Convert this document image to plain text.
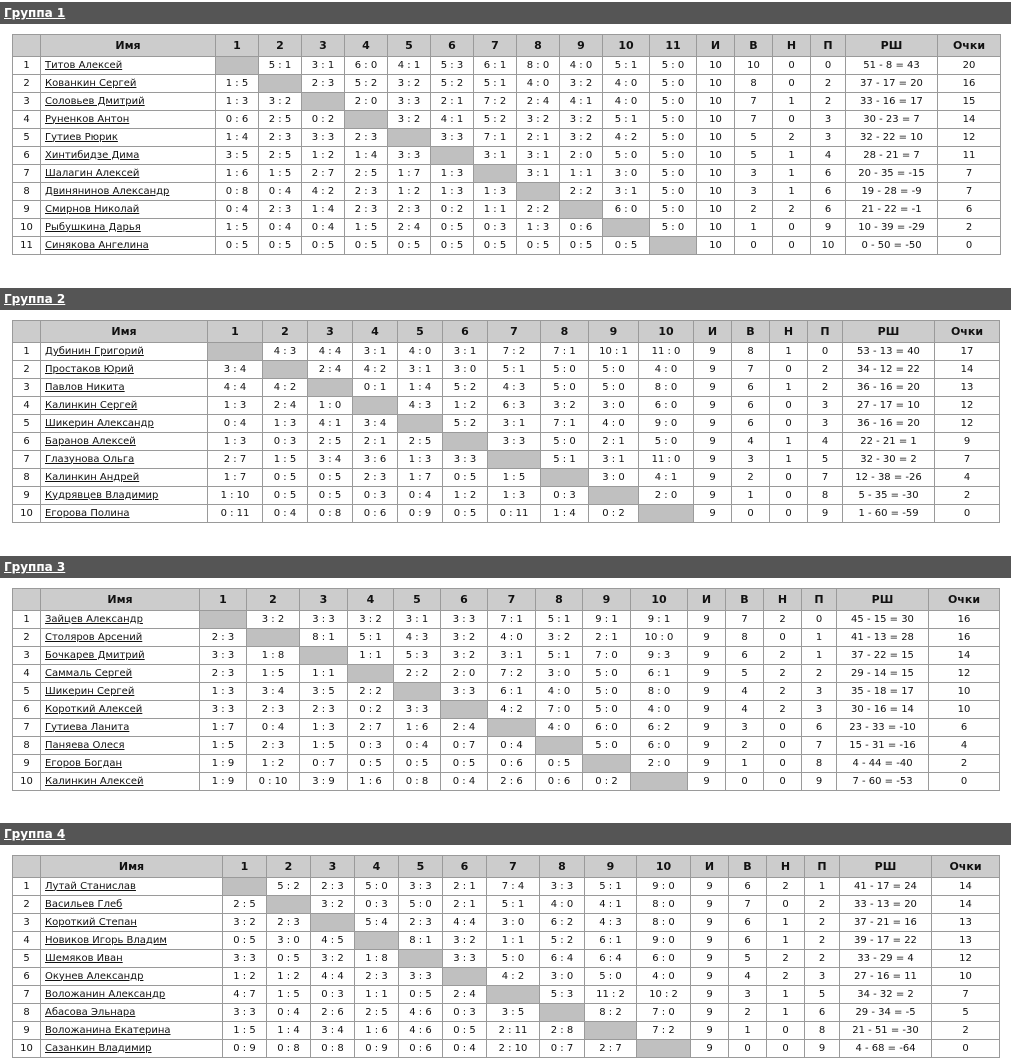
Группа 1
	Имя	1	2	3	4	5	6	7	8	9	10	11	И	В	Н	П	РШ	Очки
1	Титов Алексей		5 : 1	3 : 1	6 : 0	4 : 1	5 : 3	6 : 1	8 : 0	4 : 0	5 : 1	5 : 0	10	10	0	0	51 - 8 = 43	20
2	Кованкин Сергей	1 : 5		2 : 3	5 : 2	3 : 2	5 : 2	5 : 1	4 : 0	3 : 2	4 : 0	5 : 0	10	8	0	2	37 - 17 = 20	16
3	Соловьев Дмитрий	1 : 3	3 : 2		2 : 0	3 : 3	2 : 1	7 : 2	2 : 4	4 : 1	4 : 0	5 : 0	10	7	1	2	33 - 16 = 17	15
4	Руненков Антон	0 : 6	2 : 5	0 : 2		3 : 2	4 : 1	5 : 2	3 : 2	3 : 2	5 : 1	5 : 0	10	7	0	3	30 - 23 = 7	14
5	Гутиев Рюрик	1 : 4	2 : 3	3 : 3	2 : 3		3 : 3	7 : 1	2 : 1	3 : 2	4 : 2	5 : 0	10	5	2	3	32 - 22 = 10	12
6	Хинтибидзе Дима	3 : 5	2 : 5	1 : 2	1 : 4	3 : 3		3 : 1	3 : 1	2 : 0	5 : 0	5 : 0	10	5	1	4	28 - 21 = 7	11
7	Шалагин Алексей	1 : 6	1 : 5	2 : 7	2 : 5	1 : 7	1 : 3		3 : 1	1 : 1	3 : 0	5 : 0	10	3	1	6	20 - 35 = -15	7
8	Двинянинов Александр	0 : 8	0 : 4	4 : 2	2 : 3	1 : 2	1 : 3	1 : 3		2 : 2	3 : 1	5 : 0	10	3	1	6	19 - 28 = -9	7
9	Смирнов Николай	0 : 4	2 : 3	1 : 4	2 : 3	2 : 3	0 : 2	1 : 1	2 : 2		6 : 0	5 : 0	10	2	2	6	21 - 22 = -1	6
10	Рыбушкина Дарья	1 : 5	0 : 4	0 : 4	1 : 5	2 : 4	0 : 5	0 : 3	1 : 3	0 : 6		5 : 0	10	1	0	9	10 - 39 = -29	2
11	Синякова Ангелина	0 : 5	0 : 5	0 : 5	0 : 5	0 : 5	0 : 5	0 : 5	0 : 5	0 : 5	0 : 5		10	0	0	10	0 - 50 = -50	0
Группа 2
	Имя	1	2	3	4	5	6	7	8	9	10	И	В	Н	П	РШ	Очки
1	Дубинин Григорий		4 : 3	4 : 4	3 : 1	4 : 0	3 : 1	7 : 2	7 : 1	10 : 1	11 : 0	9	8	1	0	53 - 13 = 40	17
2	Простаков Юрий	3 : 4		2 : 4	4 : 2	3 : 1	3 : 0	5 : 1	5 : 0	5 : 0	4 : 0	9	7	0	2	34 - 12 = 22	14
3	Павлов Никита	4 : 4	4 : 2		0 : 1	1 : 4	5 : 2	4 : 3	5 : 0	5 : 0	8 : 0	9	6	1	2	36 - 16 = 20	13
4	Калинкин Сергей	1 : 3	2 : 4	1 : 0		4 : 3	1 : 2	6 : 3	3 : 2	3 : 0	6 : 0	9	6	0	3	27 - 17 = 10	12
5	Шикерин Александр	0 : 4	1 : 3	4 : 1	3 : 4		5 : 2	3 : 1	7 : 1	4 : 0	9 : 0	9	6	0	3	36 - 16 = 20	12
6	Баранов Алексей	1 : 3	0 : 3	2 : 5	2 : 1	2 : 5		3 : 3	5 : 0	2 : 1	5 : 0	9	4	1	4	22 - 21 = 1	9
7	Глазунова Ольга	2 : 7	1 : 5	3 : 4	3 : 6	1 : 3	3 : 3		5 : 1	3 : 1	11 : 0	9	3	1	5	32 - 30 = 2	7
8	Калинкин Андрей	1 : 7	0 : 5	0 : 5	2 : 3	1 : 7	0 : 5	1 : 5		3 : 0	4 : 1	9	2	0	7	12 - 38 = -26	4
9	Кудрявцев Владимир	1 : 10	0 : 5	0 : 5	0 : 3	0 : 4	1 : 2	1 : 3	0 : 3		2 : 0	9	1	0	8	5 - 35 = -30	2
10	Егорова Полина	0 : 11	0 : 4	0 : 8	0 : 6	0 : 9	0 : 5	0 : 11	1 : 4	0 : 2		9	0	0	9	1 - 60 = -59	0
Группа 3
	Имя	1	2	3	4	5	6	7	8	9	10	И	В	Н	П	РШ	Очки
1	Зайцев Александр		3 : 2	3 : 3	3 : 2	3 : 1	3 : 3	7 : 1	5 : 1	9 : 1	9 : 1	9	7	2	0	45 - 15 = 30	16
2	Столяров Арсений	2 : 3		8 : 1	5 : 1	4 : 3	3 : 2	4 : 0	3 : 2	2 : 1	10 : 0	9	8	0	1	41 - 13 = 28	16
3	Бочкарев Дмитрий	3 : 3	1 : 8		1 : 1	5 : 3	3 : 2	3 : 1	5 : 1	7 : 0	9 : 3	9	6	2	1	37 - 22 = 15	14
4	Саммаль Сергей	2 : 3	1 : 5	1 : 1		2 : 2	2 : 0	7 : 2	3 : 0	5 : 0	6 : 1	9	5	2	2	29 - 14 = 15	12
5	Шикерин Сергей	1 : 3	3 : 4	3 : 5	2 : 2		3 : 3	6 : 1	4 : 0	5 : 0	8 : 0	9	4	2	3	35 - 18 = 17	10
6	Короткий Алексей	3 : 3	2 : 3	2 : 3	0 : 2	3 : 3		4 : 2	7 : 0	5 : 0	4 : 0	9	4	2	3	30 - 16 = 14	10
7	Гутиева Ланита	1 : 7	0 : 4	1 : 3	2 : 7	1 : 6	2 : 4		4 : 0	6 : 0	6 : 2	9	3	0	6	23 - 33 = -10	6
8	Паняева Олеся	1 : 5	2 : 3	1 : 5	0 : 3	0 : 4	0 : 7	0 : 4		5 : 0	6 : 0	9	2	0	7	15 - 31 = -16	4
9	Егоров Богдан	1 : 9	1 : 2	0 : 7	0 : 5	0 : 5	0 : 5	0 : 6	0 : 5		2 : 0	9	1	0	8	4 - 44 = -40	2
10	Калинкин Алексей	1 : 9	0 : 10	3 : 9	1 : 6	0 : 8	0 : 4	2 : 6	0 : 6	0 : 2		9	0	0	9	7 - 60 = -53	0
Группа 4
	Имя	1	2	3	4	5	6	7	8	9	10	И	В	Н	П	РШ	Очки
1	Лутай Станислав		5 : 2	2 : 3	5 : 0	3 : 3	2 : 1	7 : 4	3 : 3	5 : 1	9 : 0	9	6	2	1	41 - 17 = 24	14
2	Васильев Глеб	2 : 5		3 : 2	0 : 3	5 : 0	2 : 1	5 : 1	4 : 0	4 : 1	8 : 0	9	7	0	2	33 - 13 = 20	14
3	Короткий Степан	3 : 2	2 : 3		5 : 4	2 : 3	4 : 4	3 : 0	6 : 2	4 : 3	8 : 0	9	6	1	2	37 - 21 = 16	13
4	Новиков Игорь Владим	0 : 5	3 : 0	4 : 5		8 : 1	3 : 2	1 : 1	5 : 2	6 : 1	9 : 0	9	6	1	2	39 - 17 = 22	13
5	Шемяков Иван	3 : 3	0 : 5	3 : 2	1 : 8		3 : 3	5 : 0	6 : 4	6 : 4	6 : 0	9	5	2	2	33 - 29 = 4	12
6	Окунев Александр	1 : 2	1 : 2	4 : 4	2 : 3	3 : 3		4 : 2	3 : 0	5 : 0	4 : 0	9	4	2	3	27 - 16 = 11	10
7	Воложанин Александр	4 : 7	1 : 5	0 : 3	1 : 1	0 : 5	2 : 4		5 : 3	11 : 2	10 : 2	9	3	1	5	34 - 32 = 2	7
8	Абасова Эльнара	3 : 3	0 : 4	2 : 6	2 : 5	4 : 6	0 : 3	3 : 5		8 : 2	7 : 0	9	2	1	6	29 - 34 = -5	5
9	Воложанина Екатерина	1 : 5	1 : 4	3 : 4	1 : 6	4 : 6	0 : 5	2 : 11	2 : 8		7 : 2	9	1	0	8	21 - 51 = -30	2
10	Сазанкин Владимир	0 : 9	0 : 8	0 : 8	0 : 9	0 : 6	0 : 4	2 : 10	0 : 7	2 : 7		9	0	0	9	4 - 68 = -64	0
